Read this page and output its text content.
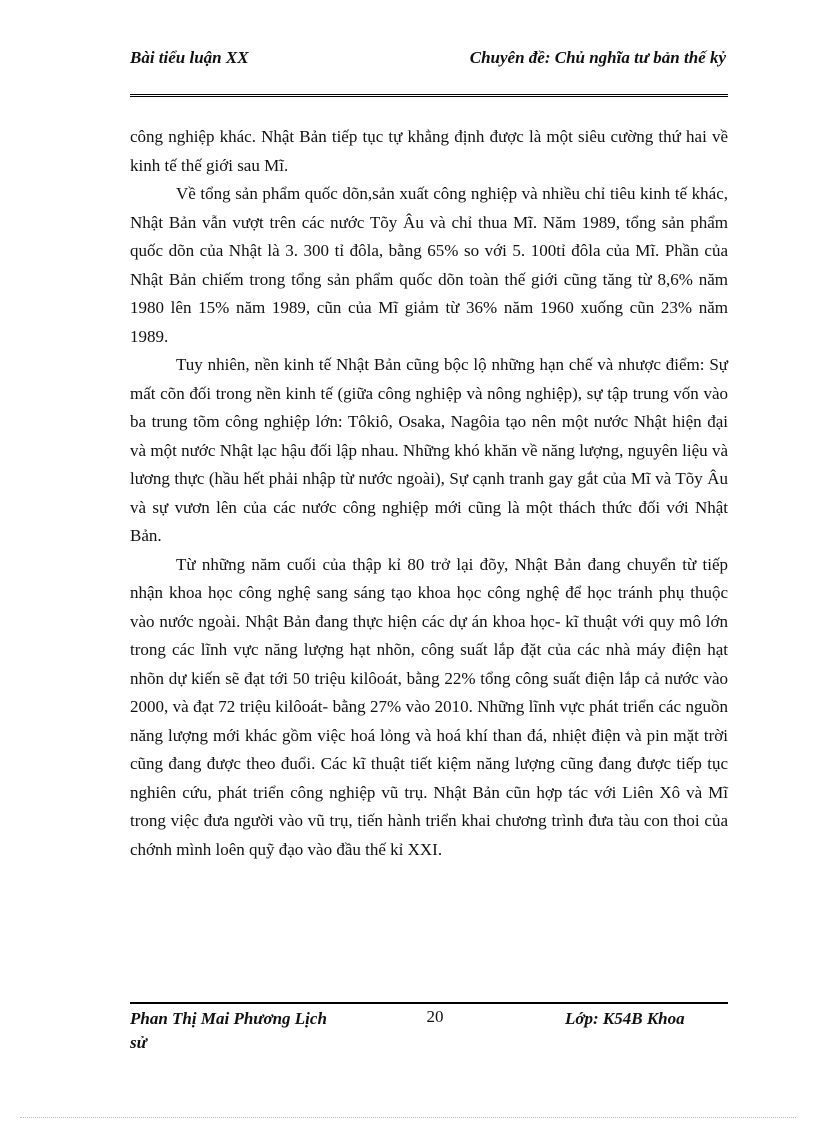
Bài tiểu luận XX	Chuyên đề: Chủ nghĩa tư bản thế kỷ

công nghiệp khác. Nhật Bản tiếp tục tự khẳng định được là một siêu cường thứ hai về kinh tế thế giới sau Mĩ.

Về tổng sản phẩm quốc dõn,sản xuất công nghiệp và nhiều chỉ tiêu kinh tế khác, Nhật Bản vẫn vượt trên các nước Tõy Âu và chỉ thua Mĩ. Năm 1989, tổng sản phẩm quốc dõn của Nhật là 3. 300 tỉ đôla, bằng 65% so với 5. 100tỉ đôla của Mĩ. Phần của Nhật Bản chiếm trong tổng sản phẩm quốc dõn toàn thế giới cũng tăng từ 8,6% năm 1980 lên 15% năm 1989, cũn của Mĩ giảm từ 36% năm 1960 xuống cũn 23% năm 1989.

Tuy nhiên, nền kinh tế Nhật Bản cũng bộc lộ những hạn chế và nhược điểm: Sự mất cõn đối trong nền kinh tế (giữa công nghiệp và nông nghiệp), sự tập trung vốn vào ba trung tõm công nghiệp lớn: Tôkiô, Osaka, Nagôia tạo nên một nước Nhật hiện đại và một nước Nhật lạc hậu đối lập nhau. Những khó khăn về năng lượng, nguyên liệu và lương thực (hầu hết phải nhập từ nước ngoài), Sự cạnh tranh gay gắt của Mĩ và Tõy Âu và sự vươn lên của các nước công nghiệp mới cũng là một thách thức đối với Nhật Bản.

Từ những năm cuối của thập kỉ 80 trở lại đõy, Nhật Bản đang chuyển từ tiếp nhận khoa học công nghệ sang sáng tạo khoa học công nghệ để học tránh phụ thuộc vào nước ngoài. Nhật Bản đang thực hiện các dự án khoa học- kĩ thuật với quy mô lớn trong các lĩnh vực năng lượng hạt nhõn, công suất lắp đặt của các nhà máy điện hạt nhõn dự kiến sẽ đạt tới 50 triệu kilôoát, bằng 22% tổng công suất điện lắp cả nước vào 2000, và đạt 72 triệu kilôoát- bằng 27% vào 2010. Những lĩnh vực phát triển các nguồn năng lượng mới khác gồm việc hoá lỏng và hoá khí than đá, nhiệt điện và pin mặt trời cũng đang được theo đuổi. Các kĩ thuật tiết kiệm năng lượng cũng đang được tiếp tục nghiên cứu, phát triển công nghiệp vũ trụ. Nhật Bản cũn hợp tác với Liên Xô và Mĩ trong việc đưa người vào vũ trụ, tiến hành triển khai chương trình đưa tàu con thoi của chớnh mình loên quỹ đạo vào đầu thế kỉ XXI.

Phan Thị Mai Phương Lịch sử
20	Lớp: K54B Khoa
